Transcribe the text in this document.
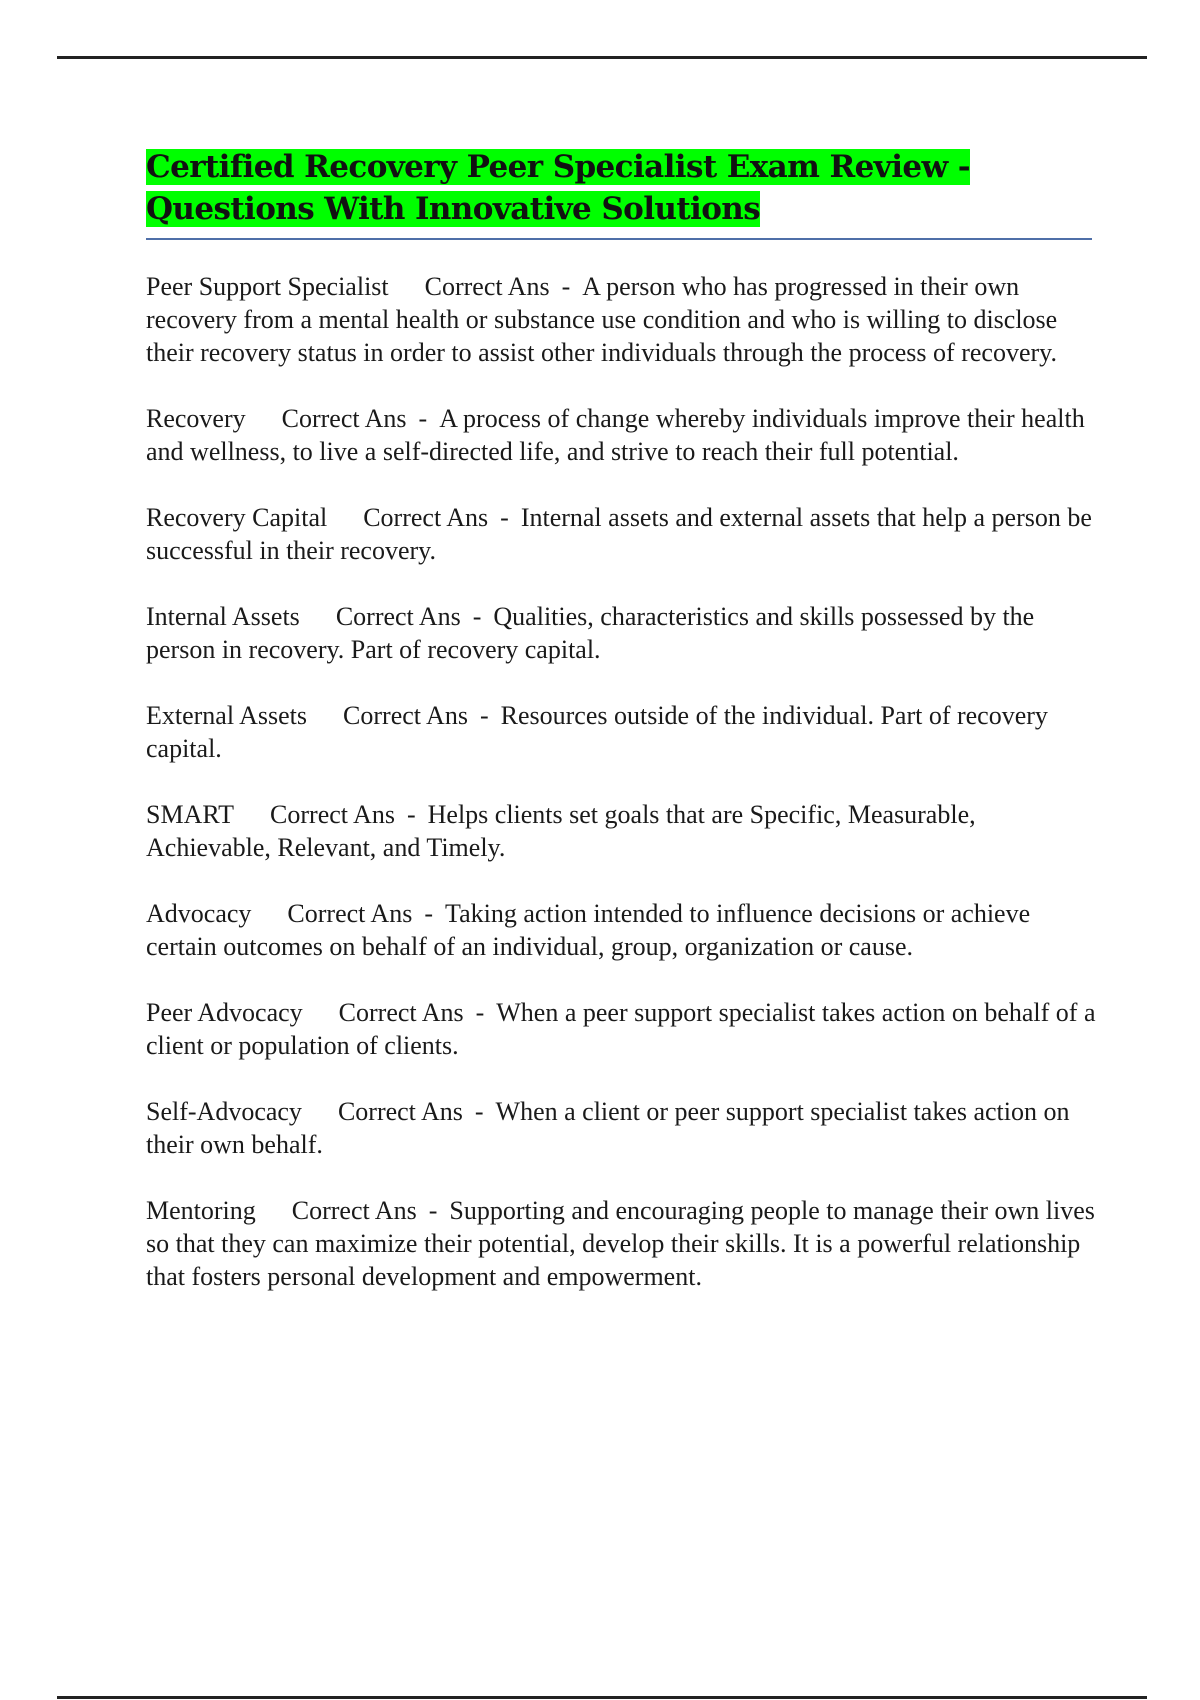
Certified Recovery Peer Specialist Exam Review - Questions With Innovative Solutions

Peer Support Specialist Correct Ans - A person who has progressed in their own recovery from a mental health or substance use condition and who is willing to disclose their recovery status in order to assist other individuals through the process of recovery.

Recovery Correct Ans - A process of change whereby individuals improve their health and wellness, to live a self-directed life, and strive to reach their full potential.

Recovery Capital Correct Ans - Internal assets and external assets that help a person be successful in their recovery.

Internal Assets Correct Ans - Qualities, characteristics and skills possessed by the person in recovery. Part of recovery capital.

External Assets Correct Ans - Resources outside of the individual. Part of recovery capital.

SMART Correct Ans - Helps clients set goals that are Specific, Measurable, Achievable, Relevant, and Timely.

Advocacy Correct Ans - Taking action intended to influence decisions or achieve certain outcomes on behalf of an individual, group, organization or cause.

Peer Advocacy Correct Ans - When a peer support specialist takes action on behalf of a client or population of clients.

Self-Advocacy Correct Ans - When a client or peer support specialist takes action on their own behalf.

Mentoring Correct Ans - Supporting and encouraging people to manage their own lives so that they can maximize their potential, develop their skills. It is a powerful relationship that fosters personal development and empowerment.
